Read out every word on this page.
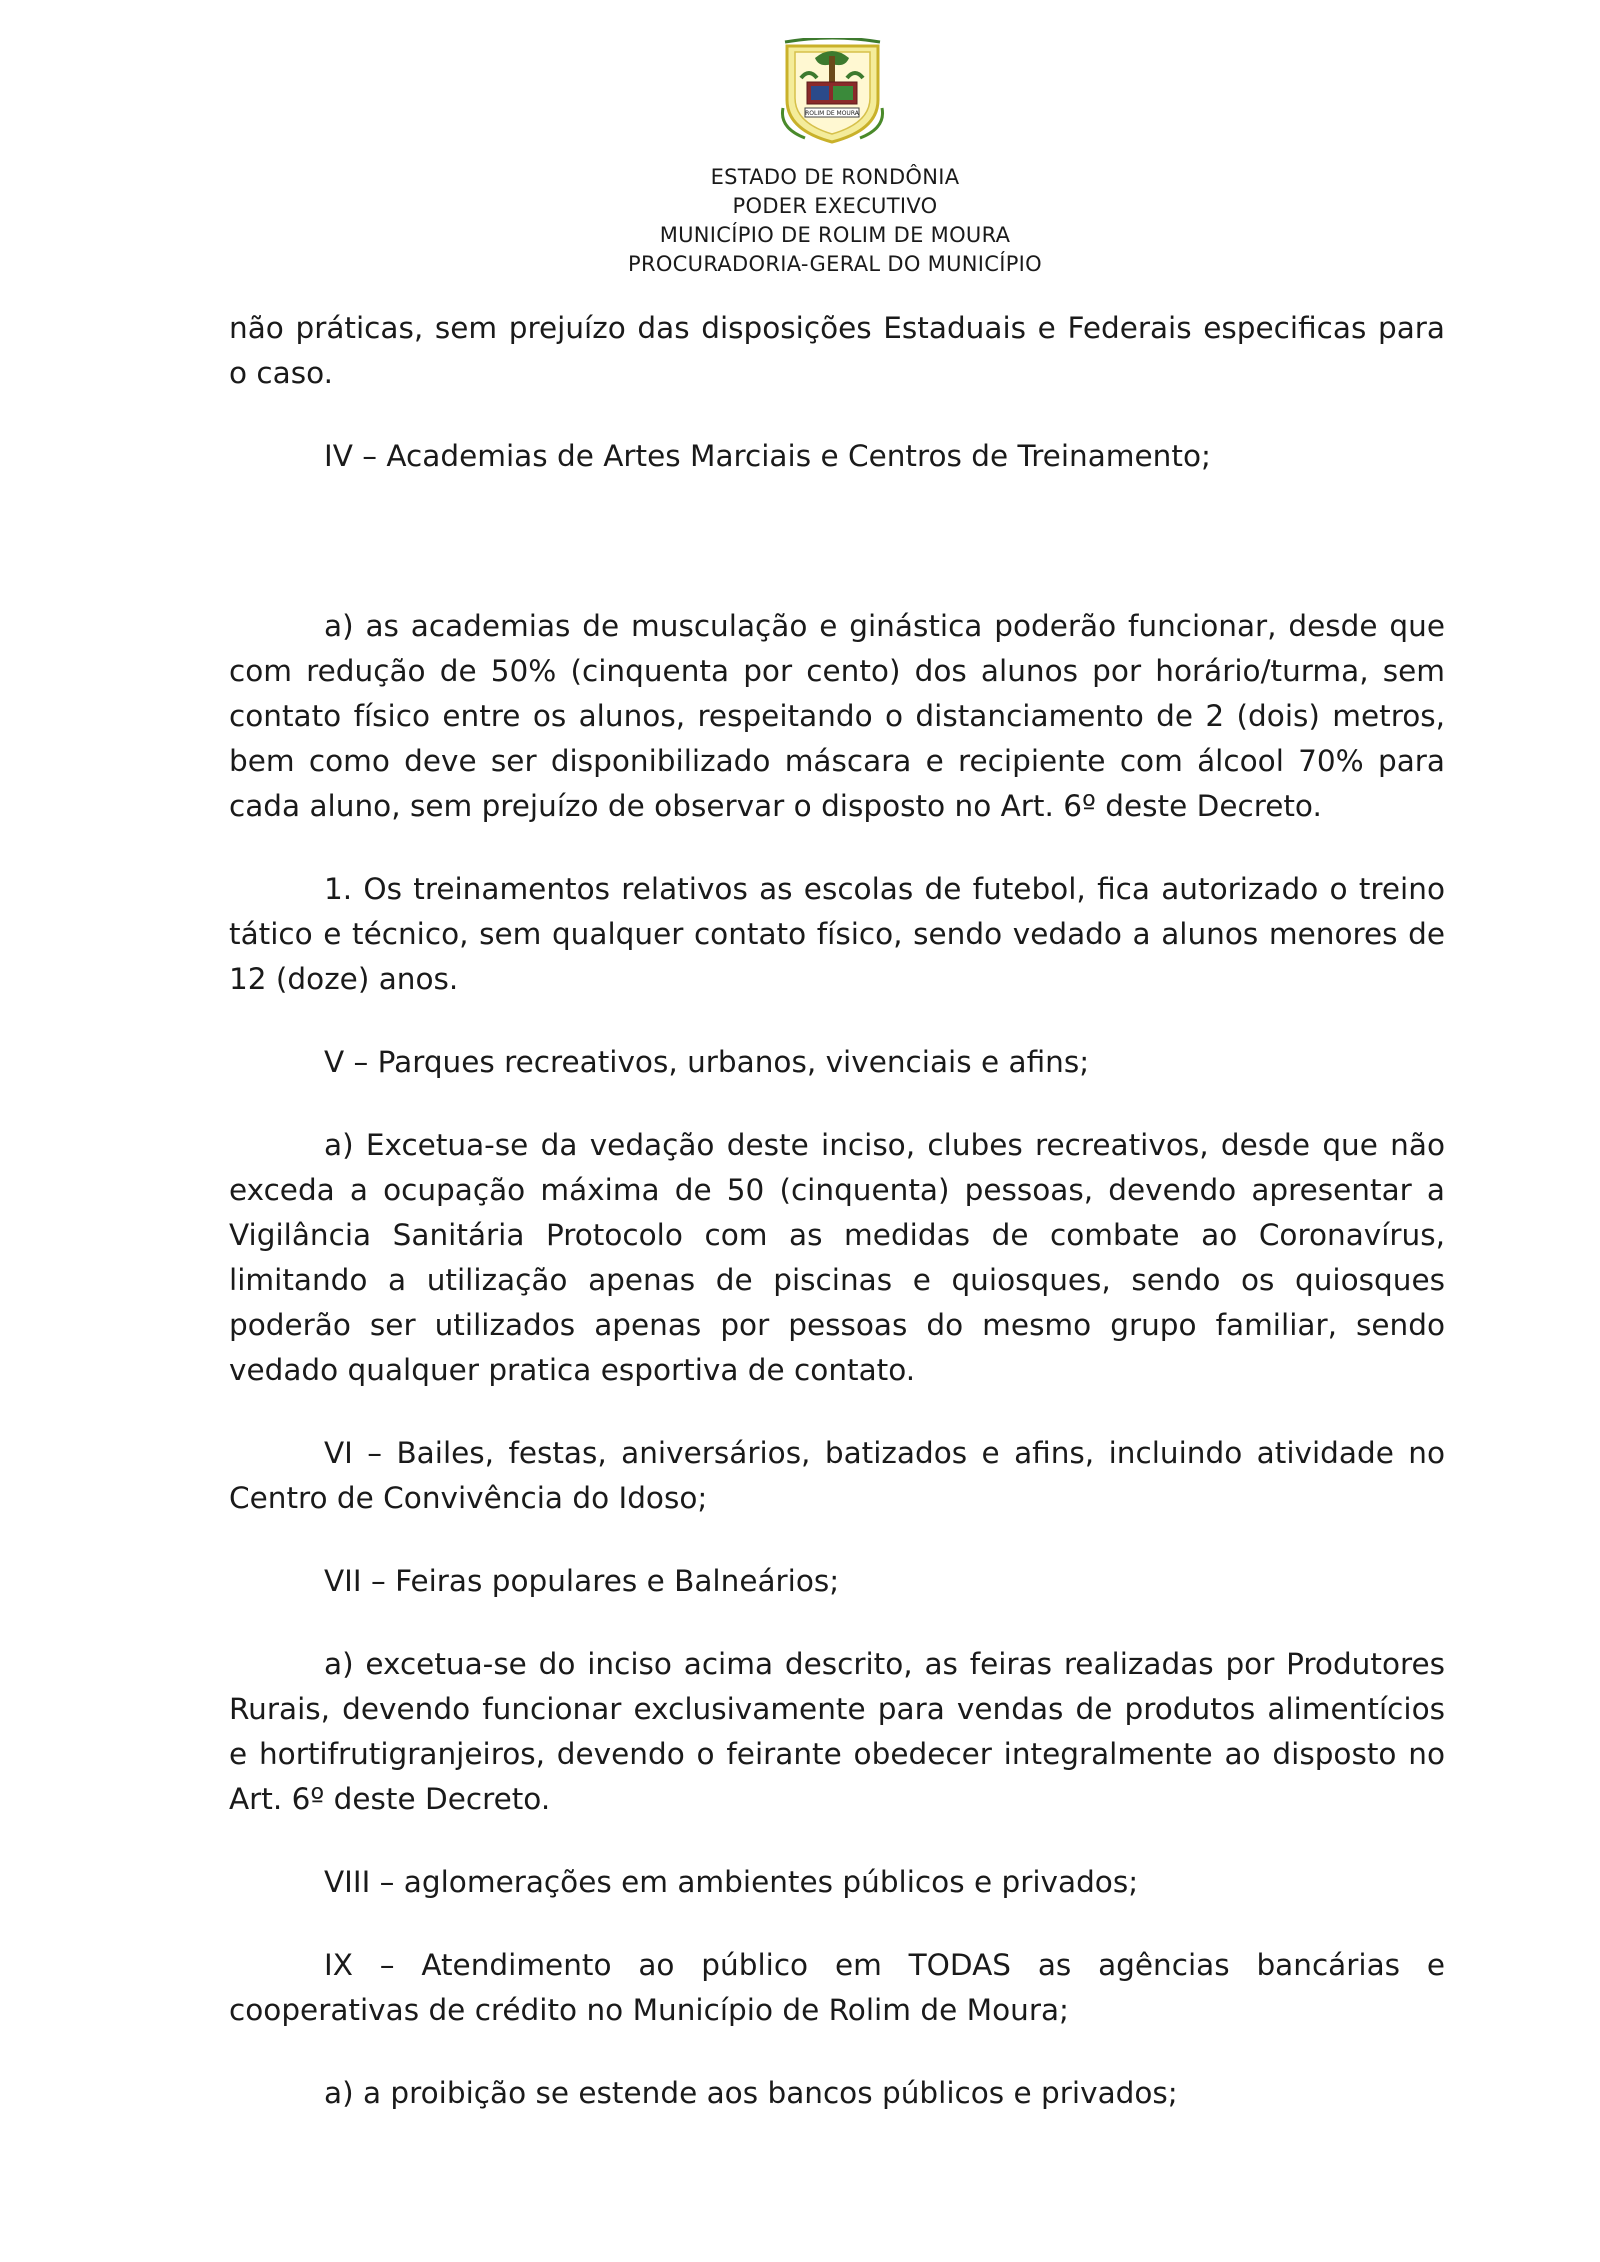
ROLIM DE MOURA
ESTADO DE RONDÔNIA
PODER EXECUTIVO
MUNICÍPIO DE ROLIM DE MOURA
PROCURADORIA-GERAL DO MUNICÍPIO

não práticas, sem prejuízo das disposições Estaduais e Federais especificas para o caso.

IV – Academias de Artes Marciais e Centros de Treinamento;

a) as academias de musculação e ginástica poderão funcionar, desde que com redução de 50% (cinquenta por cento) dos alunos por horário/turma, sem contato físico entre os alunos, respeitando o distanciamento de 2 (dois) metros, bem como deve ser disponibilizado máscara e recipiente com álcool 70% para cada aluno, sem prejuízo de observar o disposto no Art. 6º deste Decreto.

1. Os treinamentos relativos as escolas de futebol, fica autorizado o treino tático e técnico, sem qualquer contato físico, sendo vedado a alunos menores de 12 (doze) anos.

V – Parques recreativos, urbanos, vivenciais e afins;

a) Excetua-se da vedação deste inciso, clubes recreativos, desde que não exceda a ocupação máxima de 50 (cinquenta) pessoas, devendo apresentar a Vigilância Sanitária Protocolo com as medidas de combate ao Coronavírus, limitando a utilização apenas de piscinas e quiosques, sendo os quiosques poderão ser utilizados apenas por pessoas do mesmo grupo familiar, sendo vedado qualquer pratica esportiva de contato.

VI – Bailes, festas, aniversários, batizados e afins, incluindo atividade no Centro de Convivência do Idoso;

VII – Feiras populares e Balneários;

a) excetua-se do inciso acima descrito, as feiras realizadas por Produtores Rurais, devendo funcionar exclusivamente para vendas de produtos alimentícios e hortifrutigranjeiros, devendo o feirante obedecer integralmente ao disposto no Art. 6º deste Decreto.

VIII – aglomerações em ambientes públicos e privados;

IX – Atendimento ao público em TODAS as agências bancárias e cooperativas de crédito no Município de Rolim de Moura;

a) a proibição se estende aos bancos públicos e privados;
